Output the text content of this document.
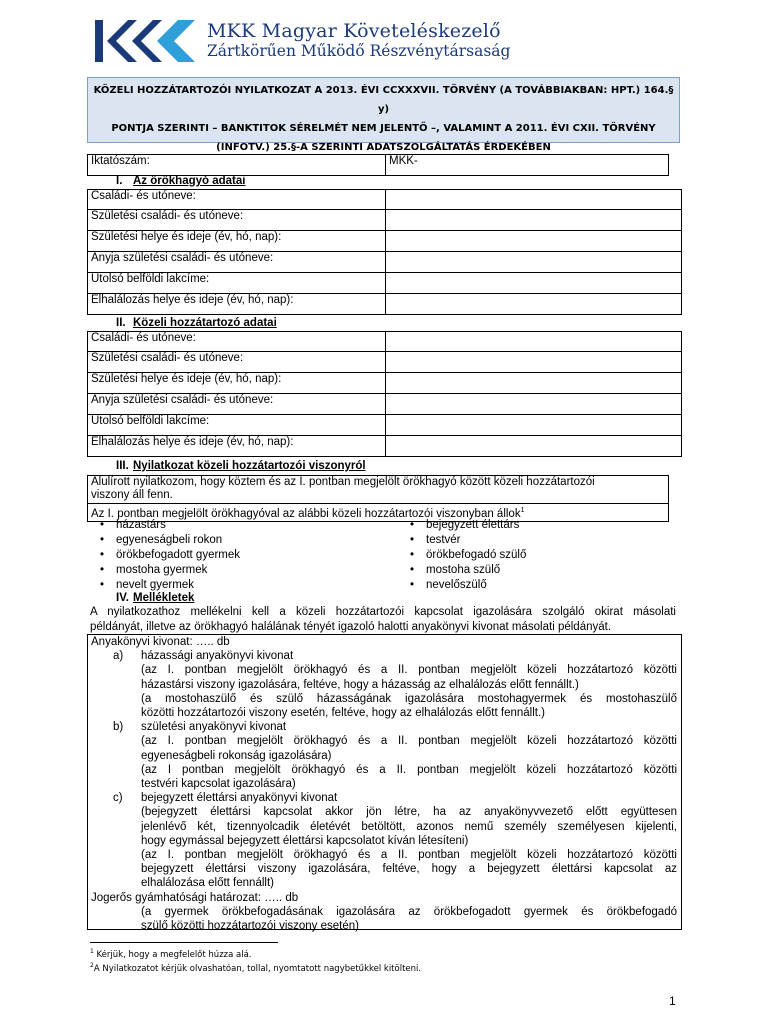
MKK Magyar Követeléskezelő
Zártkörűen Működő Részvénytársaság
KÖZELI HOZZÁTARTOZÓI NYILATKOZAT A 2013. ÉVI CCXXXVII. TÖRVÉNY (A TOVÁBBIAKBAN: HPT.) 164.§ y)
PONTJA SZERINTI – BANKTITOK SÉRELMÉT NEM JELENTŐ –, VALAMINT A 2011. ÉVI CXII. TÖRVÉNY
(INFOTV.) 25.§-A SZERINTI ADATSZOLGÁLTATÁS ÉRDEKÉBEN
Iktatószám:	MKK-
I. Az örökhagyó adatai
Családi- és utóneve:	
Születési családi- és utóneve:	
Születési helye és ideje (év, hó, nap):	
Anyja születési családi- és utóneve:	
Utolsó belföldi lakcíme:	
Elhalálozás helye és ideje (év, hó, nap):	
II. Közeli hozzátartozó adatai
Családi- és utóneve:	
Születési családi- és utóneve:	
Születési helye és ideje (év, hó, nap):	
Anyja születési családi- és utóneve:	
Utolsó belföldi lakcíme:	
Elhalálozás helye és ideje (év, hó, nap):	
III. Nyilatkozat közeli hozzátartozói viszonyról
Alulírott nyilatkozom, hogy köztem és az I. pontban megjelölt örökhagyó között közeli hozzátartozói
viszony áll fenn.

Az I. pontban megjelölt örökhagyóval az alábbi közeli hozzátartozói viszonyban állok$^1$
• házastárs
• egyeneságbeli rokon
• örökbefogadott gyermek
• mostoha gyermek
• nevelt gyermek
• bejegyzett élettárs
• testvér
• örökbefogadó szülő
• mostoha szülő
• nevelőszülő
IV. Mellékletek
A nyilatkozathoz mellékelni kell a közeli hozzátartozói kapcsolat igazolására szolgáló okirat másolati
példányát, illetve az örökhagyó halálának tényét igazoló halotti anyakönyvi kivonat másolati példányát.
Anyakönyvi kivonat: ….. db
a) házassági anyakönyvi kivonat
(az I. pontban megjelölt örökhagyó és a II. pontban megjelölt közeli hozzátartozó közötti
házastársi viszony igazolására, feltéve, hogy a házasság az elhalálozás előtt fennállt.)
(a mostohaszülő és szülő házasságának igazolására mostohagyermek és mostohaszülő
közötti hozzátartozói viszony esetén, feltéve, hogy az elhalálozás előtt fennállt.)
b) születési anyakönyvi kivonat
(az I. pontban megjelölt örökhagyó és a II. pontban megjelölt közeli hozzátartozó közötti
egyeneságbeli rokonság igazolására)
(az I pontban megjelölt örökhagyó és a II. pontban megjelölt közeli hozzátartozó közötti
testvéri kapcsolat igazolására)
c) bejegyzett élettársi anyakönyvi kivonat
(bejegyzett élettársi kapcsolat akkor jön létre, ha az anyakönyvvezető előtt együttesen
jelenlévő két, tizennyolcadik életévét betöltött, azonos nemű személy személyesen kijelenti,
hogy egymással bejegyzett élettársi kapcsolatot kíván létesíteni)
(az I. pontban megjelölt örökhagyó és a II. pontban megjelölt közeli hozzátartozó közötti
bejegyzett élettársi viszony igazolására, feltéve, hogy a bejegyzett élettársi kapcsolat az
elhalálozása előtt fennállt)
Jogerős gyámhatósági határozat: ….. db
(a gyermek örökbefogadásának igazolására az örökbefogadott gyermek és örökbefogadó
szülő közötti hozzátartozói viszony esetén)
$^1$ Kérjük, hogy a megfelelőt húzza alá.
$^2$A Nyilatkozatot kérjük olvashatóan, tollal, nyomtatott nagybetűkkel kitölteni.
1
